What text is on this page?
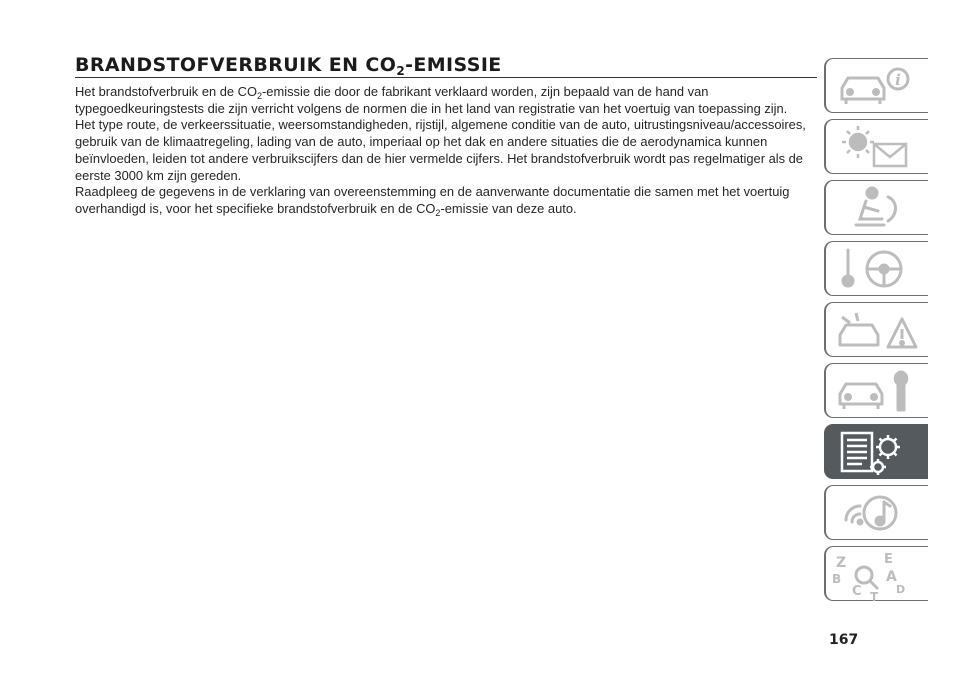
BRANDSTOFVERBRUIK EN $CO_2$-EMISSIE

Het brandstofverbruik en de $CO_2$-emissie die door de fabrikant verklaard worden, zijn bepaald van de hand van typegoedkeuringstests die zijn verricht volgens de normen die in het land van registratie van het voertuig van toepassing zijn.

Het type route, de verkeerssituatie, weersomstandigheden, rijstijl, algemene conditie van de auto, uitrustingsniveau/accessoires, gebruik van de klimaatregeling, lading van de auto, imperiaal op het dak en andere situaties die de aerodynamica kunnen beïnvloeden, leiden tot andere verbruikscijfers dan de hier vermelde cijfers. Het brandstofverbruik wordt pas regelmatiger als de eerste 3000 km zijn gereden.

Raadpleeg de gegevens in de verklaring van overeenstemming en de aanverwante documentatie die samen met het voertuig overhandigd is, voor het specifieke brandstofverbruik en de $CO_2$-emissie van deze auto.

i
Z	E
B	A
D
C T
167
